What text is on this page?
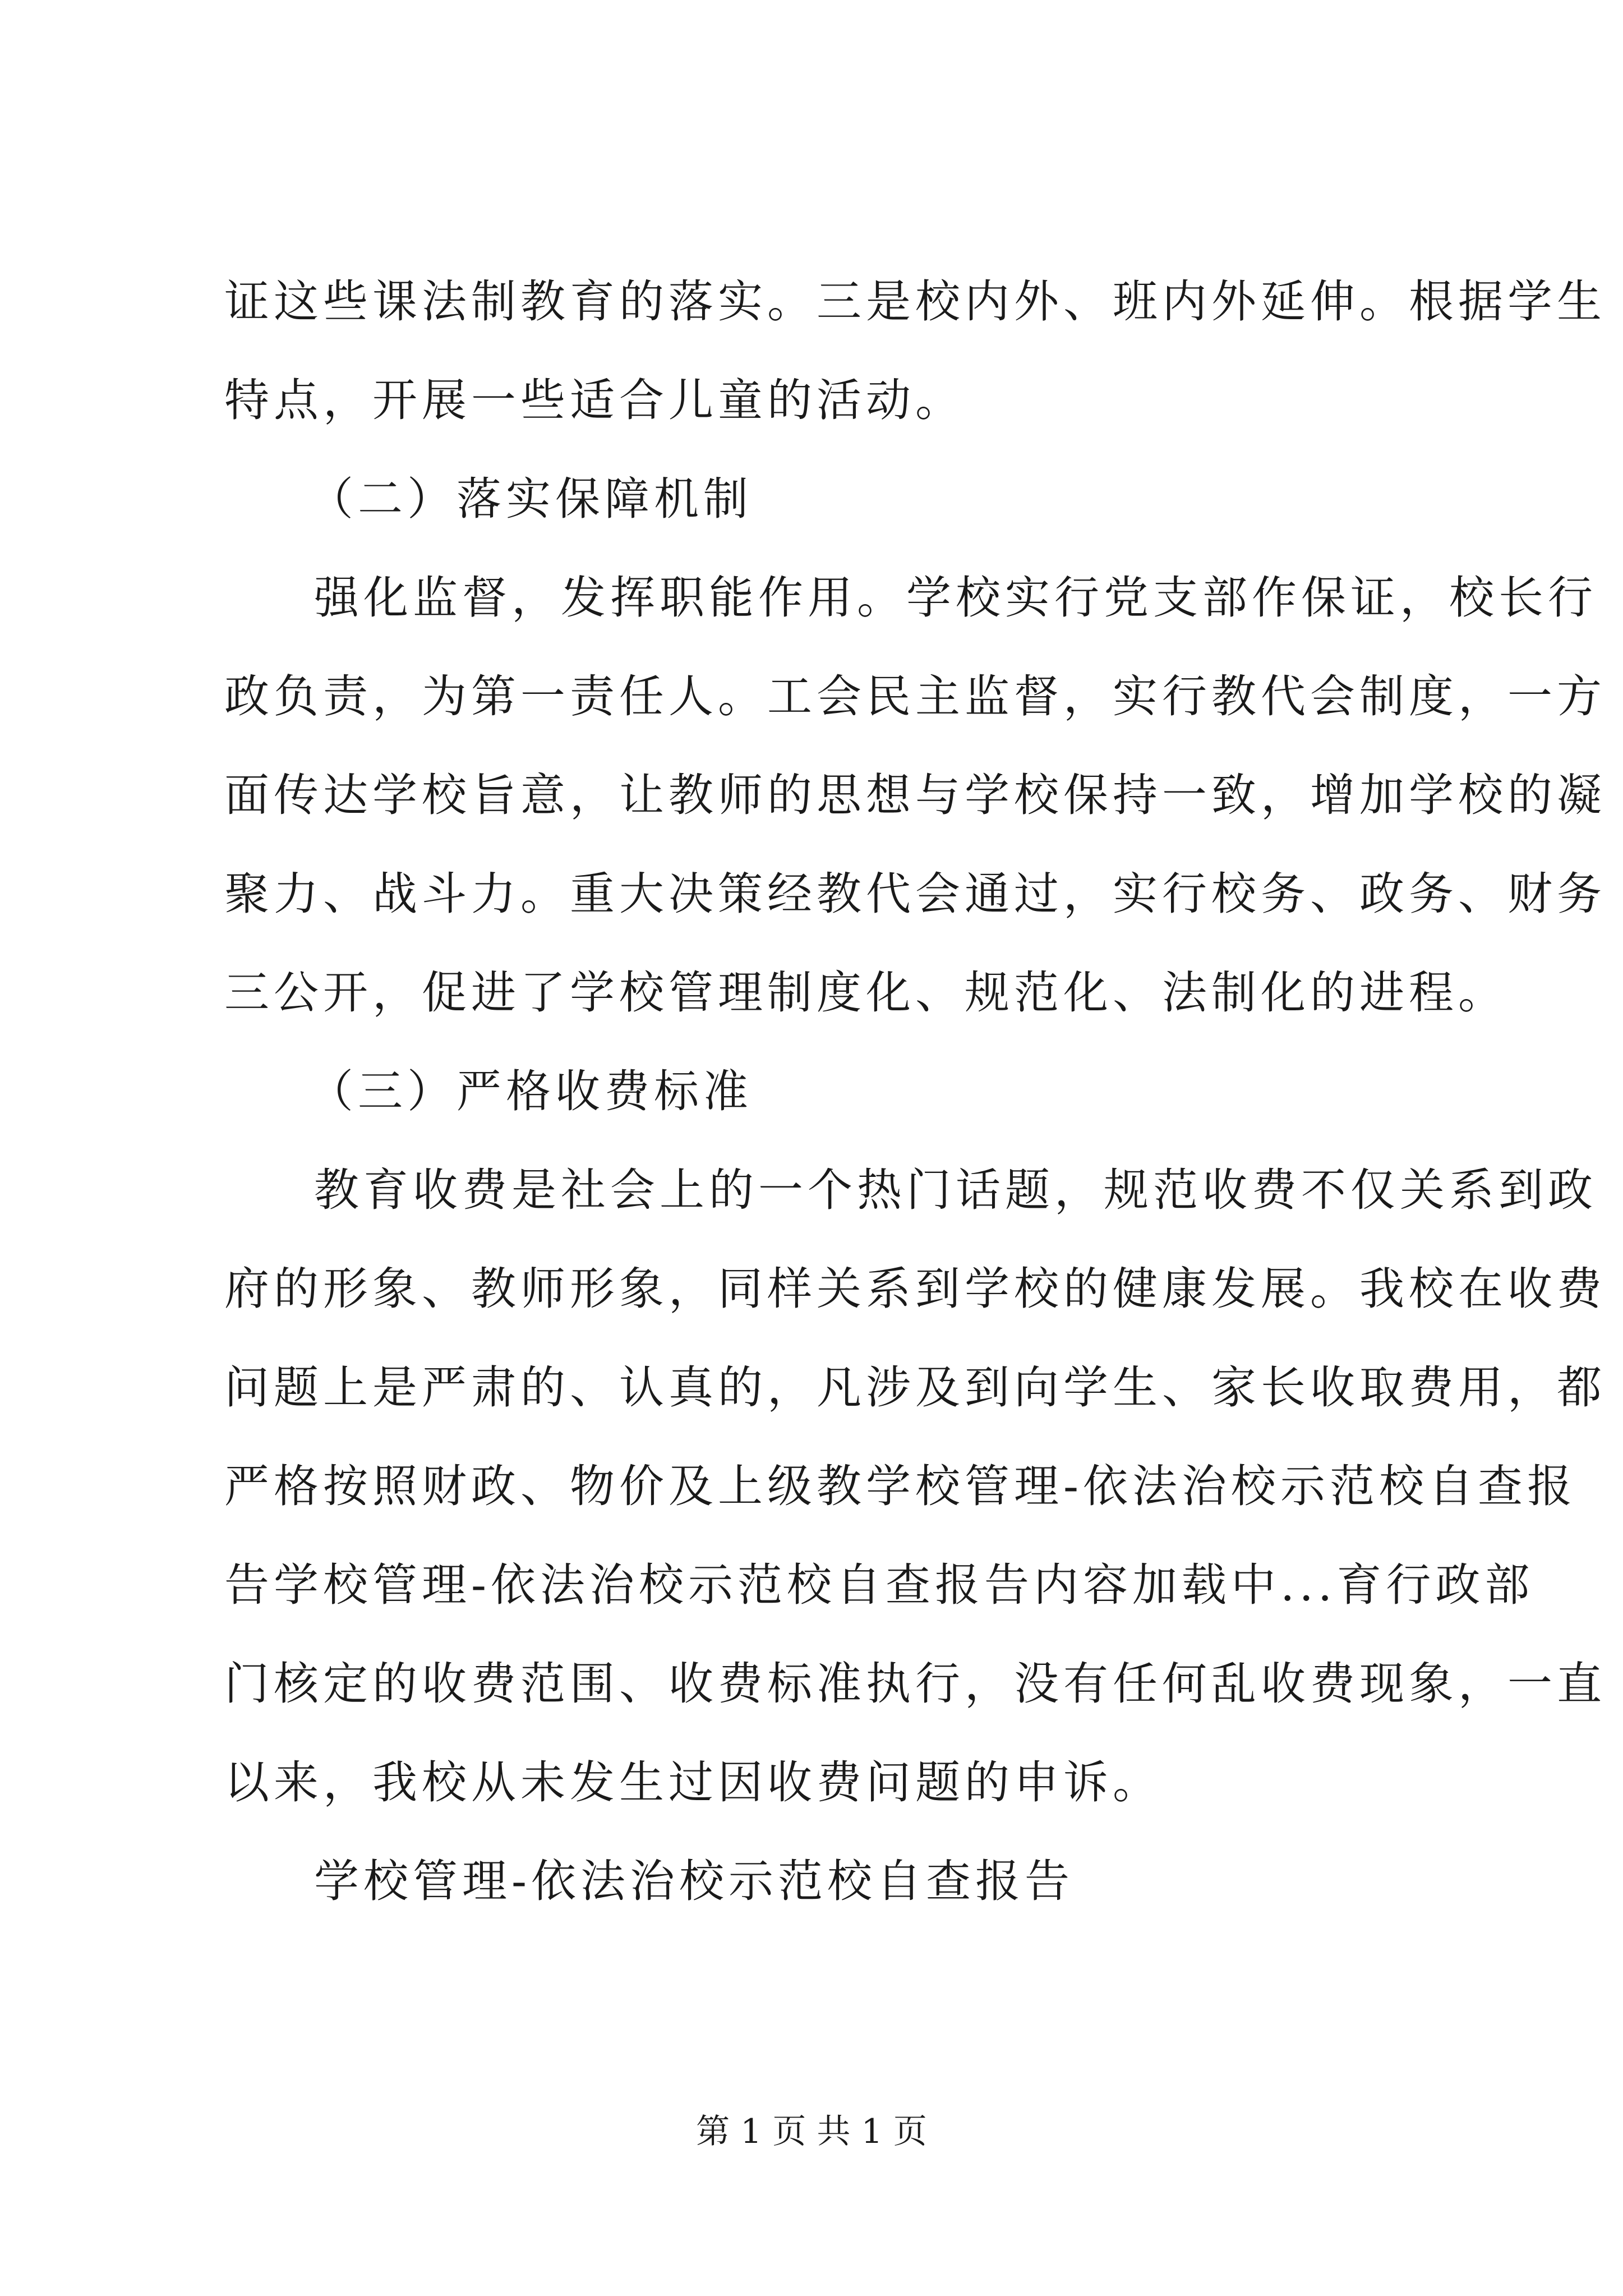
证这些课法制教育的落实。三是校内外、班内外延伸。根据学生
特点，开展一些适合儿童的活动。
（二）落实保障机制
强化监督，发挥职能作用。学校实行党支部作保证，校长行
政负责，为第一责任人。工会民主监督，实行教代会制度，一方
面传达学校旨意，让教师的思想与学校保持一致，增加学校的凝
聚力、战斗力。重大决策经教代会通过，实行校务、政务、财务
三公开，促进了学校管理制度化、规范化、法制化的进程。
（三）严格收费标准
教育收费是社会上的一个热门话题，规范收费不仅关系到政
府的形象、教师形象，同样关系到学校的健康发展。我校在收费
问题上是严肃的、认真的，凡涉及到向学生、家长收取费用，都
严格按照财政、物价及上级教学校管理-依法治校示范校自查报
告学校管理-依法治校示范校自查报告内容加载中...育行政部
门核定的收费范围、收费标准执行，没有任何乱收费现象，一直
以来，我校从未发生过因收费问题的申诉。
学校管理-依法治校示范校自查报告
第 1 页 共 1 页
